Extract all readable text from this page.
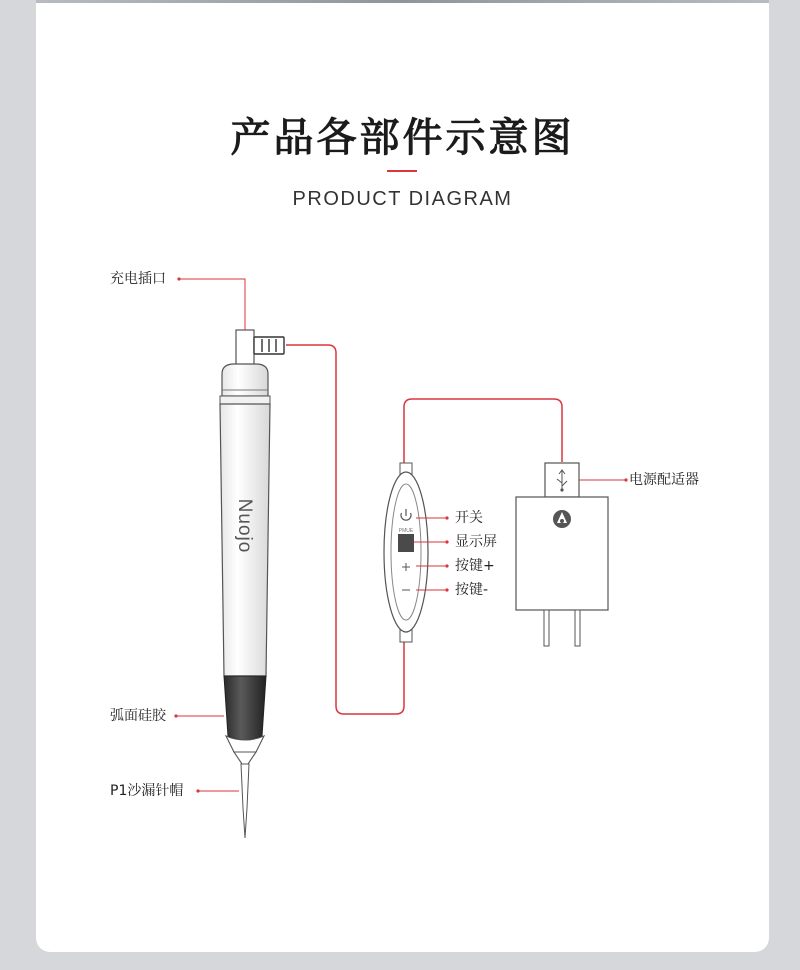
产品各部件示意图
PRODUCT DIAGRAM
Nuojo	PMUE
充电插口
弧面硅胶
P1沙漏针帽
电源配适器
开关
显示屏
按键+
按键-
